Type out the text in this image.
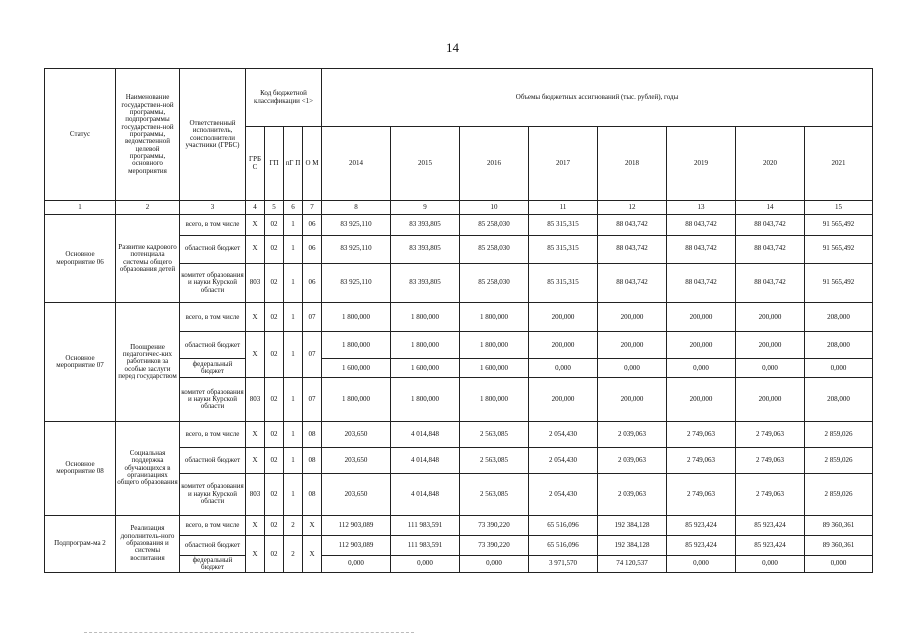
14
Статус	Наименование государствен-ной программы, подпрограммы государствен-ной программы, ведомственной целевой программы, основного мероприятия	Ответственный исполнитель, соисполнители участники (ГРБС)	Код бюджетной классификации <1>				Объемы бюджетных ассигнований (тыс. рублей), годы							
			ГРБ С	ГП	пГ П	О М	2014	2015	2016	2017	2018	2019	2020	2021
1	2	3	4	5	6	7	8	9	10	11	12	13	14	15
Основное мероприятие 06	Развитие кадрового потенциала системы общего образования детей	всего, в том числе	Х	02	1	06	83 925,110	83 393,805	85 258,030	85 315,315	88 043,742	88 043,742	88 043,742	91 565,492
		областной бюджет	Х	02	1	06	83 925,110	83 393,805	85 258,030	85 315,315	88 043,742	88 043,742	88 043,742	91 565,492
		комитет образования и науки Курской области	803	02	1	06	83 925,110	83 393,805	85 258,030	85 315,315	88 043,742	88 043,742	88 043,742	91 565,492
Основное мероприятие 07	Поощрение педагогичес-ких работников за особые заслуги перед государством	всего, в том числе	Х	02	1	07	1 800,000	1 800,000	1 800,000	200,000	200,000	200,000	200,000	208,000
		областной бюджет	Х	02	1	07	1 800,000	1 800,000	1 800,000	200,000	200,000	200,000	200,000	208,000
		федеральный бюджет					1 600,000	1 600,000	1 600,000	0,000	0,000	0,000	0,000	0,000
		комитет образования и науки Курской области	803	02	1	07	1 800,000	1 800,000	1 800,000	200,000	200,000	200,000	200,000	208,000
Основное мероприятие 08	Социальная поддержка обучающихся в организациях общего образования	всего, в том числе	Х	02	1	08	203,650	4 014,848	2 563,085	2 054,430	2 039,063	2 749,063	2 749,063	2 859,026
		областной бюджет	Х	02	1	08	203,650	4 014,848	2 563,085	2 054,430	2 039,063	2 749,063	2 749,063	2 859,026
		комитет образования и науки Курской области	803	02	1	08	203,650	4 014,848	2 563,085	2 054,430	2 039,063	2 749,063	2 749,063	2 859,026
Подпрограм-ма 2	Реализация дополнитель-ного образования и системы воспитания	всего, в том числе	Х	02	2	Х	112 903,089	111 983,591	73 390,220	65 516,096	192 384,128	85 923,424	85 923,424	89 360,361
		областной бюджет	Х	02	2	Х	112 903,089	111 983,591	73 390,220	65 516,096	192 384,128	85 923,424	85 923,424	89 360,361
		федеральный бюджет					0,000	0,000	0,000	3 971,570	74 120,537	0,000	0,000	0,000
